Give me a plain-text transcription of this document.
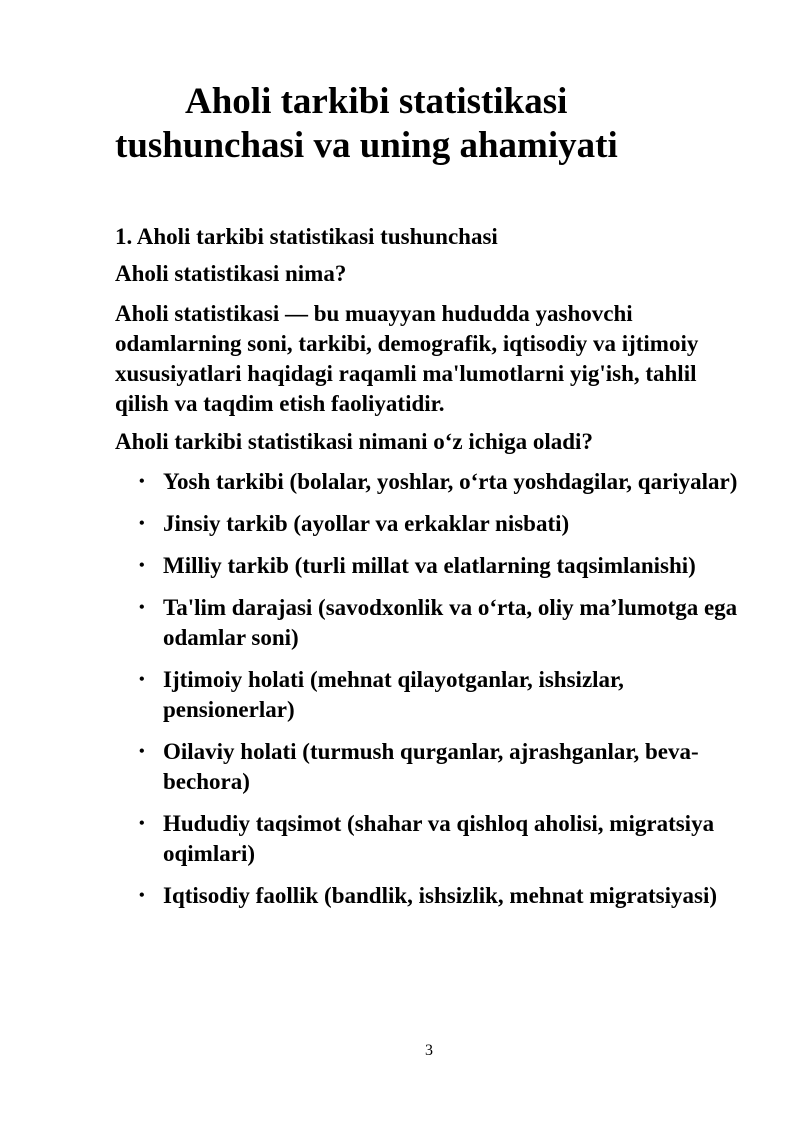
Aholi tarkibi statistikasi
tushunchasi va uning ahamiyati

1. Aholi tarkibi statistikasi tushunchasi

Aholi statistikasi nima?

Aholi statistikasi — bu muayyan hududda yashovchi odamlarning soni, tarkibi, demografik, iqtisodiy va ijtimoiy xususiyatlari haqidagi raqamli ma'lumotlarni yig'ish, tahlil qilish va taqdim etish faoliyatidir.

Aholi tarkibi statistikasi nimani o‘z ichiga oladi?

• Yosh tarkibi (bolalar, yoshlar, o‘rta yoshdagilar, qariyalar)
• Jinsiy tarkib (ayollar va erkaklar nisbati)
• Milliy tarkib (turli millat va elatlarning taqsimlanishi)
• Ta'lim darajasi (savodxonlik va o‘rta, oliy ma’lumotga ega odamlar soni)
• Ijtimoiy holati (mehnat qilayotganlar, ishsizlar, pensionerlar)
• Oilaviy holati (turmush qurganlar, ajrashganlar, beva-bechora)
• Hududiy taqsimot (shahar va qishloq aholisi, migratsiya oqimlari)
• Iqtisodiy faollik (bandlik, ishsizlik, mehnat migratsiyasi)
3
